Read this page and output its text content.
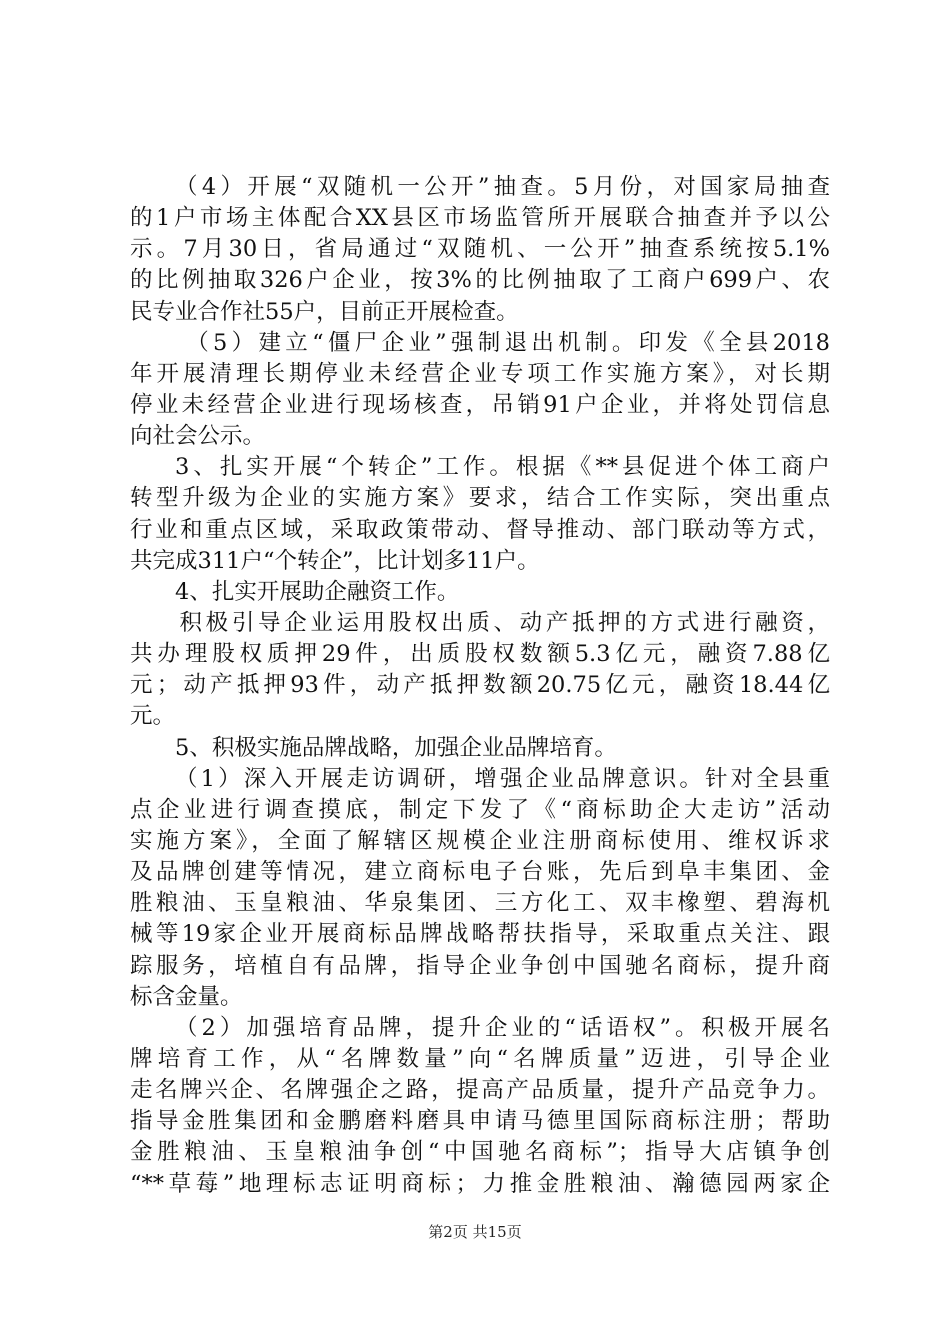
（4）开展“双随机一公开”抽查。5月份，对国家局抽查
的1户市场主体配合XX县区市场监管所开展联合抽查并予以公
示。7月30日，省局通过“双随机、一公开”抽查系统按5.1%
的比例抽取326户企业，按3%的比例抽取了工商户699户、农
民专业合作社55户，目前正开展检查。
（5）建立“僵尸企业”强制退出机制。印发《全县2018
年开展清理长期停业未经营企业专项工作实施方案》，对长期
停业未经营企业进行现场核查，吊销91户企业，并将处罚信息
向社会公示。
3、扎实开展“个转企”工作。根据《**县促进个体工商户
转型升级为企业的实施方案》要求，结合工作实际，突出重点
行业和重点区域，采取政策带动、督导推动、部门联动等方式，
共完成311户“个转企”，比计划多11户。
4、扎实开展助企融资工作。
积极引导企业运用股权出质、动产抵押的方式进行融资，
共办理股权质押29件，出质股权数额5.3亿元，融资7.88亿
元；动产抵押93件，动产抵押数额20.75亿元，融资18.44亿
元。
5、积极实施品牌战略，加强企业品牌培育。
（1）深入开展走访调研，增强企业品牌意识。针对全县重
点企业进行调查摸底，制定下发了《“商标助企大走访”活动
实施方案》，全面了解辖区规模企业注册商标使用、维权诉求
及品牌创建等情况，建立商标电子台账，先后到阜丰集团、金
胜粮油、玉皇粮油、华泉集团、三方化工、双丰橡塑、碧海机
械等19家企业开展商标品牌战略帮扶指导，采取重点关注、跟
踪服务，培植自有品牌，指导企业争创中国驰名商标，提升商
标含金量。
（2）加强培育品牌，提升企业的“话语权”。积极开展名
牌培育工作，从“名牌数量”向“名牌质量”迈进，引导企业
走名牌兴企、名牌强企之路，提高产品质量，提升产品竞争力。
指导金胜集团和金鹏磨料磨具申请马德里国际商标注册；帮助
金胜粮油、玉皇粮油争创“中国驰名商标”；指导大店镇争创
“**草莓”地理标志证明商标；力推金胜粮油、瀚德园两家企
第2页 共15页
